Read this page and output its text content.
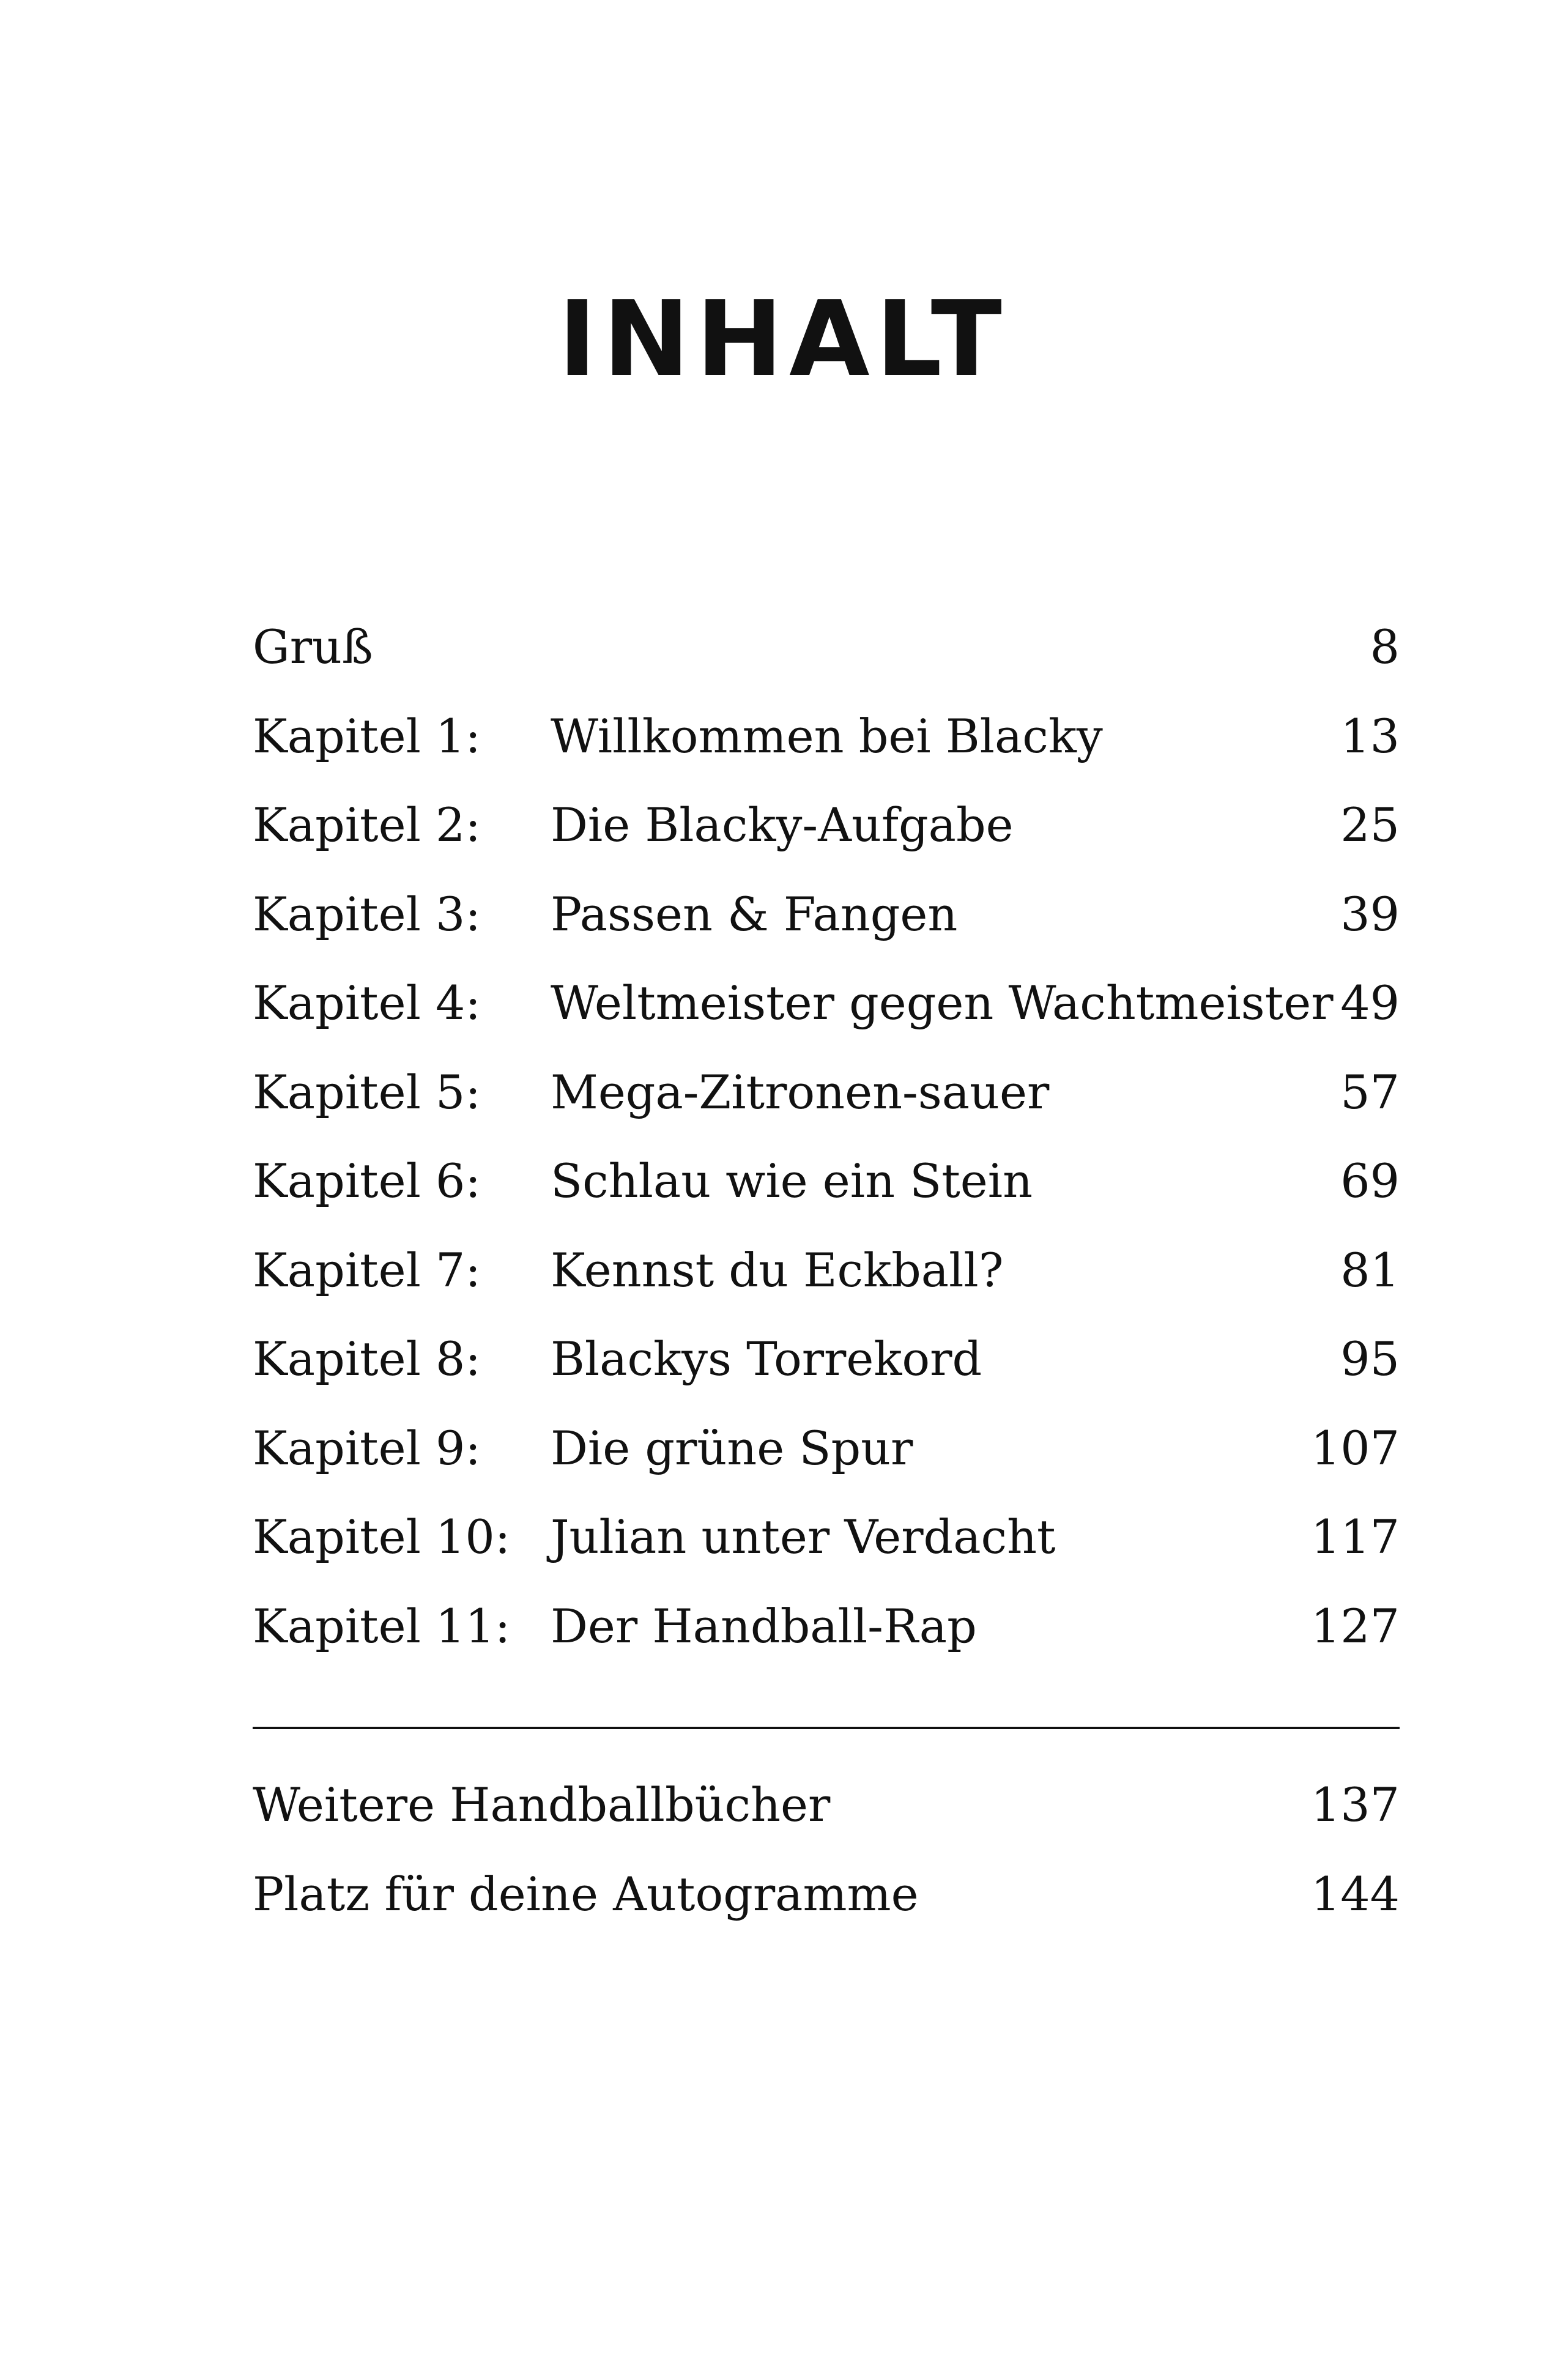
INHALT
Gruß	8
Kapitel 1: Willkommen bei Blacky	13
Kapitel 2: Die Blacky-Aufgabe	25
Kapitel 3: Passen & Fangen	39
Kapitel 4: Weltmeister gegen Wachtmeister 49
Kapitel 5: Mega-Zitronen-sauer	57
Kapitel 6: Schlau wie ein Stein	69
Kapitel 7: Kennst du Eckball?	81
Kapitel 8: Blackys Torrekord	95
Kapitel 9: Die grüne Spur	107
Kapitel 10: Julian unter Verdacht	117
Kapitel 11: Der Handball-Rap	127
Weitere Handballbücher	137
Platz für deine Autogramme	144
